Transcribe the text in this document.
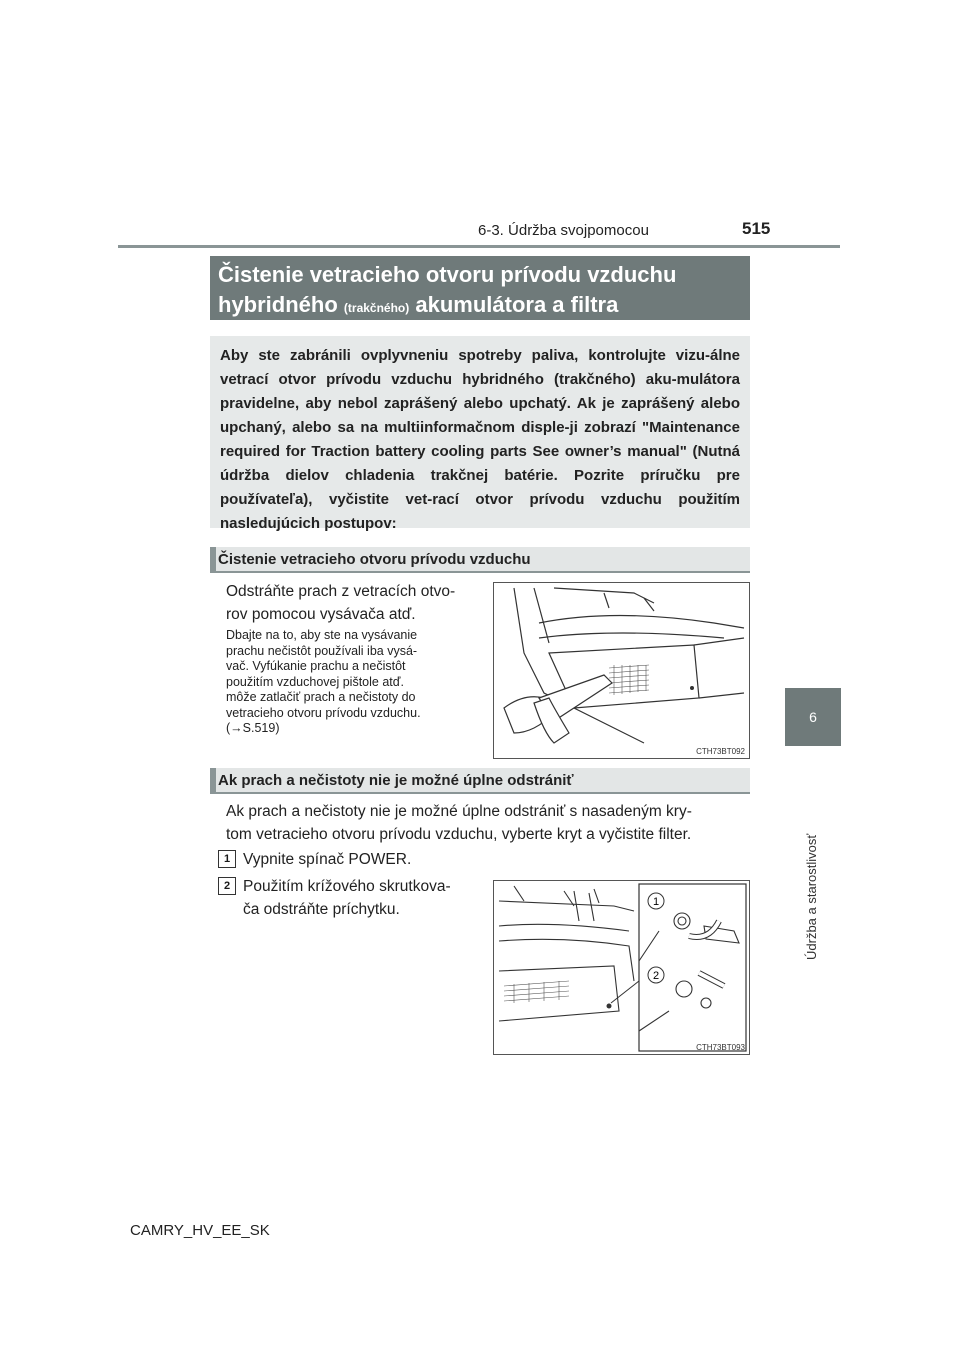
6-3. Údržba svojpomocou	515
6
Údržba a starostlivosť
Čistenie vetracieho otvoru prívodu vzduchu
hybridného (trakčného) akumulátora a filtra
Aby ste zabránili ovplyvneniu spotreby paliva, kontrolujte vizu-álne vetrací otvor prívodu vzduchu hybridného (trakčného) aku-mulátora pravidelne, aby nebol zaprášený alebo upchatý. Ak je zaprášený alebo upchaný, alebo sa na multiinformačnom disple-ji zobrazí "Maintenance required for Traction battery cooling parts See owner’s manual" (Nutná údržba dielov chladenia trakčnej batérie. Pozrite príručku pre používateľa), vyčistite vet-rací otvor prívodu vzduchu použitím nasledujúcich postupov:
Čistenie vetracieho otvoru prívodu vzduchu
Odstráňte prach z vetracích otvo-
rov pomocou vysávača atď.
Dbajte na to, aby ste na vysávanie
prachu nečistôt používali iba vysá-
vač. Vyfúkanie prachu a nečistôt
použitím vzduchovej pištole atď.
môže zatlačiť prach a nečistoty do
vetracieho otvoru prívodu vzduchu.
(→S.519)
CTH73BT092
Ak prach a nečistoty nie je možné úplne odstrániť
Ak prach a nečistoty nie je možné úplne odstrániť s nasadeným kry-
tom vetracieho otvoru prívodu vzduchu, vyberte kryt a vyčistite filter.
1 Vypnite spínač POWER.
2 Použitím krížového skrutkova-
ča odstráňte príchytku.	1
2
CTH73BT093
CAMRY_HV_EE_SK
